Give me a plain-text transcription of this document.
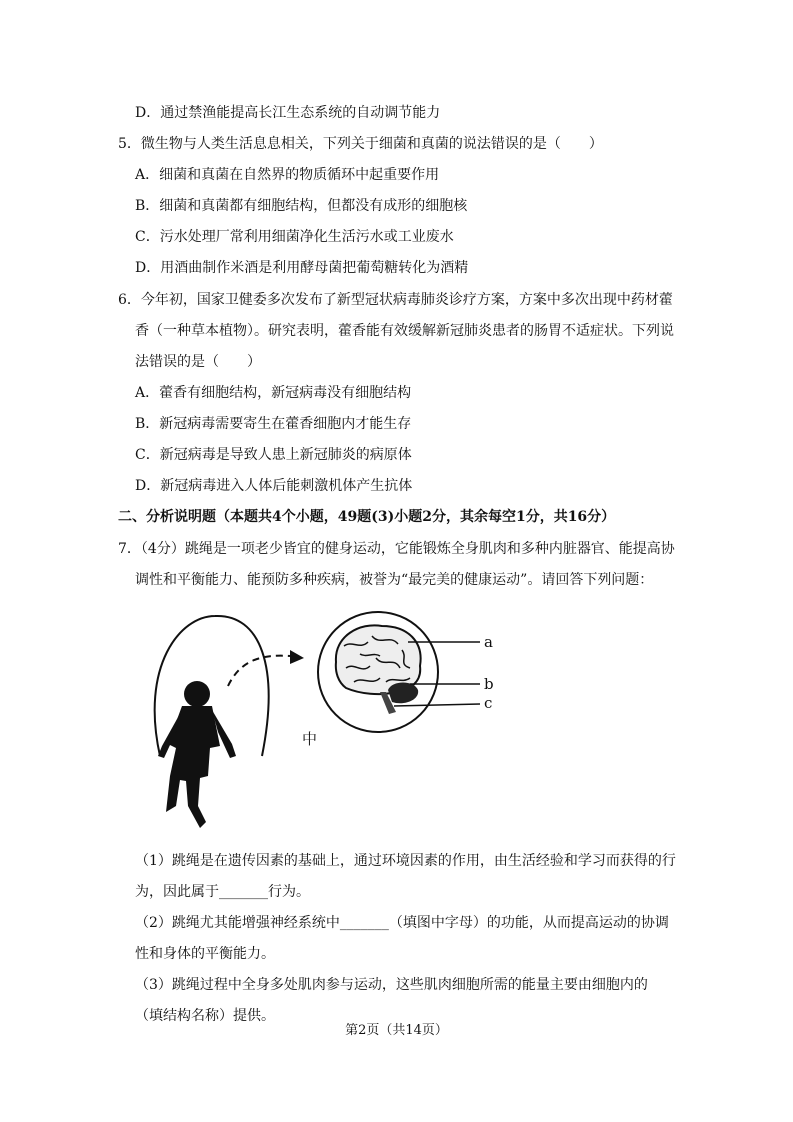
D．通过禁渔能提高长江生态系统的自动调节能力
5．微生物与人类生活息息相关，下列关于细菌和真菌的说法错误的是（　　）
A．细菌和真菌在自然界的物质循环中起重要作用
B．细菌和真菌都有细胞结构，但都没有成形的细胞核
C．污水处理厂常利用细菌净化生活污水或工业废水
D．用酒曲制作米酒是利用酵母菌把葡萄糖转化为酒精
6．今年初，国家卫健委多次发布了新型冠状病毒肺炎诊疗方案，方案中多次出现中药材藿
香（一种草本植物）。研究表明，藿香能有效缓解新冠肺炎患者的肠胃不适症状。下列说
法错误的是（　　）
A．藿香有细胞结构，新冠病毒没有细胞结构
B．新冠病毒需要寄生在藿香细胞内才能生存
C．新冠病毒是导致人患上新冠肺炎的病原体
D．新冠病毒进入人体后能刺激机体产生抗体
二、分析说明题（本题共4个小题，49题(3)小题2分，其余每空1分，共16分）
7．（4分）跳绳是一项老少皆宜的健身运动，它能锻炼全身肌肉和多种内脏器官、能提高协
调性和平衡能力、能预防多种疾病，被誉为“最完美的健康运动”。请回答下列问题：
（1）跳绳是在遗传因素的基础上，通过环境因素的作用，由生活经验和学习而获得的行
为，因此属于_______行为。
（2）跳绳尤其能增强神经系统中_______（填图中字母）的功能，从而提高运动的协调
性和身体的平衡能力。
（3）跳绳过程中全身多处肌肉参与运动，这些肌肉细胞所需的能量主要由细胞内的
（填结构名称）提供。
a
b
c
中
第2页（共14页）
